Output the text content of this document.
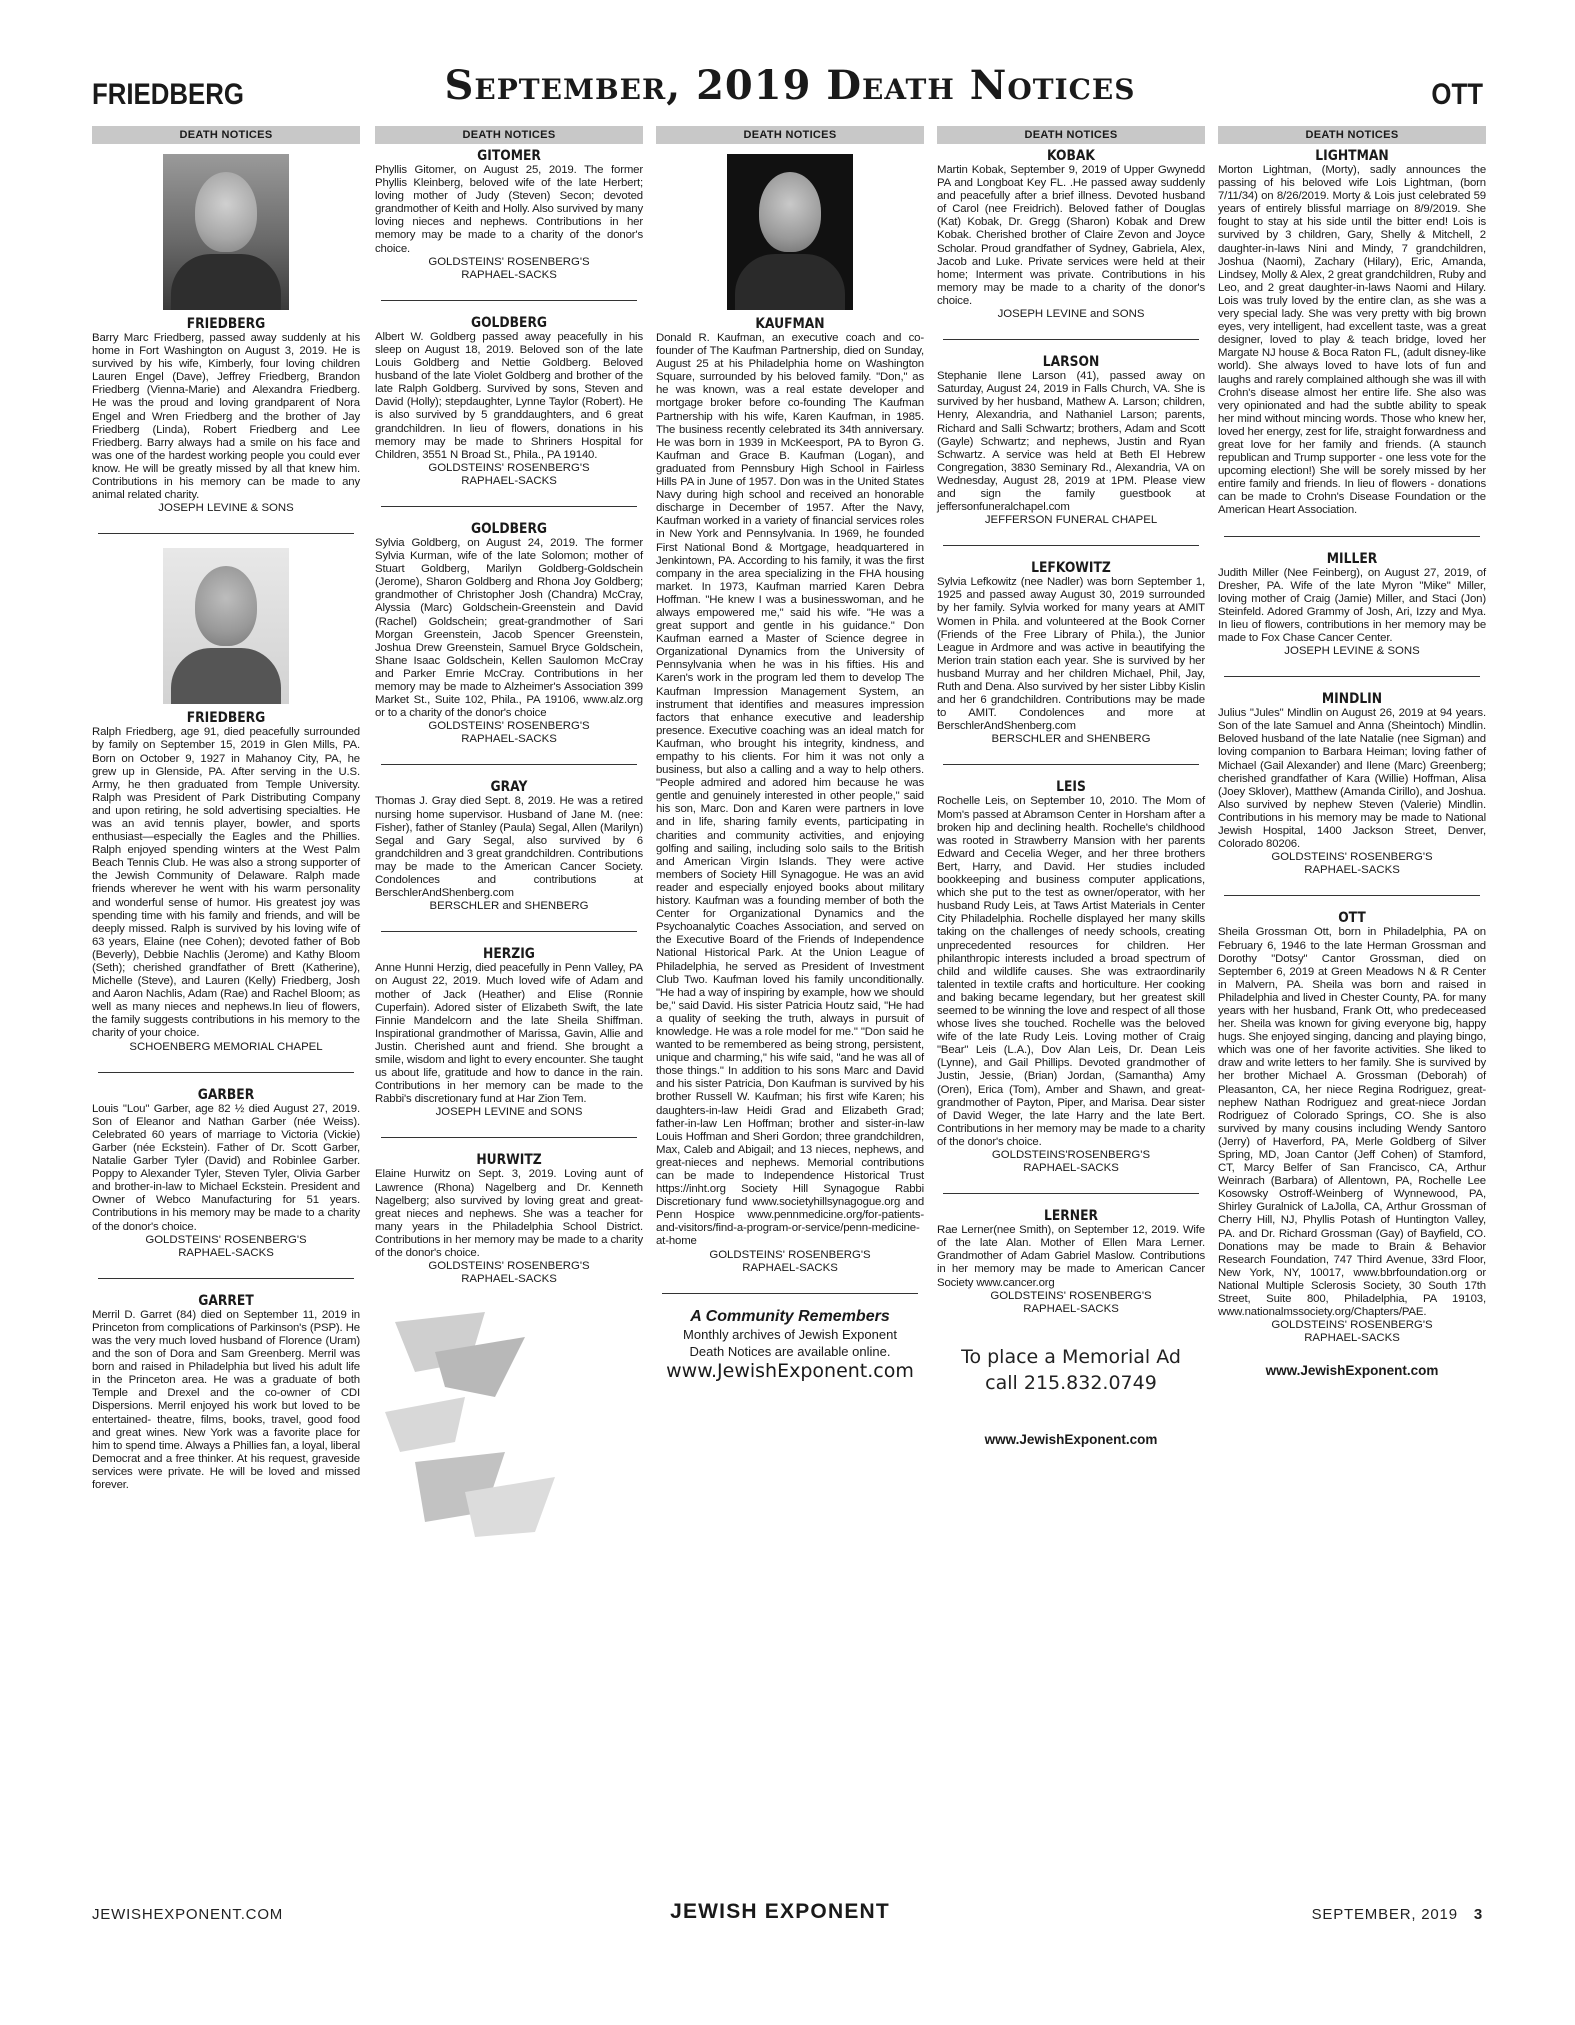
FRIEDBERG	September, 2019 Death Notices	OTT
DEATH NOTICES
FRIEDBERG
Barry Marc Friedberg, passed away suddenly at his home in Fort Washington on August 3, 2019. He is survived by his wife, Kimberly, four loving children Lauren Engel (Dave), Jeffrey Friedberg, Brandon Friedberg (Vienna-Marie) and Alexandra Friedberg. He was the proud and loving grandparent of Nora Engel and Wren Friedberg and the brother of Jay Friedberg (Linda), Robert Friedberg and Lee Friedberg. Barry always had a smile on his face and was one of the hardest working people you could ever know. He will be greatly missed by all that knew him. Contributions in his memory can be made to any animal related charity.
JOSEPH LEVINE & SONS
FRIEDBERG
Ralph Friedberg, age 91, died peacefully surrounded by family on September 15, 2019 in Glen Mills, PA. Born on October 9, 1927 in Mahanoy City, PA, he grew up in Glenside, PA. After serving in the U.S. Army, he then graduated from Temple University. Ralph was President of Park Distributing Company and upon retiring, he sold advertising specialties. He was an avid tennis player, bowler, and sports enthusiast—especially the Eagles and the Phillies. Ralph enjoyed spending winters at the West Palm Beach Tennis Club. He was also a strong supporter of the Jewish Community of Delaware. Ralph made friends wherever he went with his warm personality and wonderful sense of humor. His greatest joy was spending time with his family and friends, and will be deeply missed. Ralph is survived by his loving wife of 63 years, Elaine (nee Cohen); devoted father of Bob (Beverly), Debbie Nachlis (Jerome) and Kathy Bloom (Seth); cherished grandfather of Brett (Katherine), Michelle (Steve), and Lauren (Kelly) Friedberg, Josh and Aaron Nachlis, Adam (Rae) and Rachel Bloom; as well as many nieces and nephews.In lieu of flowers, the family suggests contributions in his memory to the charity of your choice.
SCHOENBERG MEMORIAL CHAPEL
GARBER
Louis "Lou" Garber, age 82 ½ died August 27, 2019. Son of Eleanor and Nathan Garber (née Weiss). Celebrated 60 years of marriage to Victoria (Vickie) Garber (née Eckstein). Father of Dr. Scott Garber, Natalie Garber Tyler (David) and Robinlee Garber. Poppy to Alexander Tyler, Steven Tyler, Olivia Garber and brother-in-law to Michael Eckstein. President and Owner of Webco Manufacturing for 51 years. Contributions in his memory may be made to a charity of the donor's choice.
GOLDSTEINS' ROSENBERG'S
RAPHAEL-SACKS
GARRET
Merril D. Garret (84) died on September 11, 2019 in Princeton from complications of Parkinson's (PSP). He was the very much loved husband of Florence (Uram) and the son of Dora and Sam Greenberg. Merril was born and raised in Philadelphia but lived his adult life in the Princeton area. He was a graduate of both Temple and Drexel and the co-owner of CDI Dispersions. Merril enjoyed his work but loved to be entertained- theatre, films, books, travel, good food and great wines. New York was a favorite place for him to spend time. Always a Phillies fan, a loyal, liberal Democrat and a free thinker. At his request, graveside services were private. He will be loved and missed forever.
DEATH NOTICES
GITOMER
Phyllis Gitomer, on August 25, 2019. The former Phyllis Kleinberg, beloved wife of the late Herbert; loving mother of Judy (Steven) Secon; devoted grandmother of Keith and Holly. Also survived by many loving nieces and nephews. Contributions in her memory may be made to a charity of the donor's choice.
GOLDSTEINS' ROSENBERG'S
RAPHAEL-SACKS
GOLDBERG
Albert W. Goldberg passed away peacefully in his sleep on August 18, 2019. Beloved son of the late Louis Goldberg and Nettie Goldberg. Beloved husband of the late Violet Goldberg and brother of the late Ralph Goldberg. Survived by sons, Steven and David (Holly); stepdaughter, Lynne Taylor (Robert). He is also survived by 5 granddaughters, and 6 great grandchildren. In lieu of flowers, donations in his memory may be made to Shriners Hospital for Children, 3551 N Broad St., Phila., PA 19140.
GOLDSTEINS' ROSENBERG'S
RAPHAEL-SACKS
GOLDBERG
Sylvia Goldberg, on August 24, 2019. The former Sylvia Kurman, wife of the late Solomon; mother of Stuart Goldberg, Marilyn Goldberg-Goldschein (Jerome), Sharon Goldberg and Rhona Joy Goldberg; grandmother of Christopher Josh (Chandra) McCray, Alyssia (Marc) Goldschein-Greenstein and David (Rachel) Goldschein; great-grandmother of Sari Morgan Greenstein, Jacob Spencer Greenstein, Joshua Drew Greenstein, Samuel Bryce Goldschein, Shane Isaac Goldschein, Kellen Saulomon McCray and Parker Emrie McCray. Contributions in her memory may be made to Alzheimer's Association 399 Market St., Suite 102, Phila., PA 19106, www.alz.org or to a charity of the donor's choice
GOLDSTEINS' ROSENBERG'S
RAPHAEL-SACKS
GRAY
Thomas J. Gray died Sept. 8, 2019. He was a retired nursing home supervisor. Husband of Jane M. (nee: Fisher), father of Stanley (Paula) Segal, Allen (Marilyn) Segal and Gary Segal, also survived by 6 grandchildren and 3 great grandchildren. Contributions may be made to the American Cancer Society. Condolences and contributions at BerschlerAndShenberg.com
BERSCHLER and SHENBERG
HERZIG
Anne Hunni Herzig, died peacefully in Penn Valley, PA on August 22, 2019. Much loved wife of Adam and mother of Jack (Heather) and Elise (Ronnie Cuperfain). Adored sister of Elizabeth Swift, the late Finnie Mandelcorn and the late Sheila Shiffman. Inspirational grandmother of Marissa, Gavin, Allie and Justin. Cherished aunt and friend. She brought a smile, wisdom and light to every encounter. She taught us about life, gratitude and how to dance in the rain. Contributions in her memory can be made to the Rabbi's discretionary fund at Har Zion Tem.
JOSEPH LEVINE and SONS
HURWITZ
Elaine Hurwitz on Sept. 3, 2019. Loving aunt of Lawrence (Rhona) Nagelberg and Dr. Kenneth Nagelberg; also survived by loving great and great-great nieces and nephews. She was a teacher for many years in the Philadelphia School District. Contributions in her memory may be made to a charity of the donor's choice.
GOLDSTEINS' ROSENBERG'S
RAPHAEL-SACKS
DEATH NOTICES
KAUFMAN
Donald R. Kaufman, an executive coach and co-founder of The Kaufman Partnership, died on Sunday, August 25 at his Philadelphia home on Washington Square, surrounded by his beloved family. "Don," as he was known, was a real estate developer and mortgage broker before co-founding The Kaufman Partnership with his wife, Karen Kaufman, in 1985. The business recently celebrated its 34th anniversary. He was born in 1939 in McKeesport, PA to Byron G. Kaufman and Grace B. Kaufman (Logan), and graduated from Pennsbury High School in Fairless Hills PA in June of 1957. Don was in the United States Navy during high school and received an honorable discharge in December of 1957. After the Navy, Kaufman worked in a variety of financial services roles in New York and Pennsylvania. In 1969, he founded First National Bond & Mortgage, headquartered in Jenkintown, PA. According to his family, it was the first company in the area specializing in the FHA housing market. In 1973, Kaufman married Karen Debra Hoffman. "He knew I was a businesswoman, and he always empowered me," said his wife. "He was a great support and gentle in his guidance." Don Kaufman earned a Master of Science degree in Organizational Dynamics from the University of Pennsylvania when he was in his fifties. His and Karen's work in the program led them to develop The Kaufman Impression Management System, an instrument that identifies and measures impression factors that enhance executive and leadership presence. Executive coaching was an ideal match for Kaufman, who brought his integrity, kindness, and empathy to his clients. For him it was not only a business, but also a calling and a way to help others. "People admired and adored him because he was gentle and genuinely interested in other people," said his son, Marc. Don and Karen were partners in love and in life, sharing family events, participating in charities and community activities, and enjoying golfing and sailing, including solo sails to the British and American Virgin Islands. They were active members of Society Hill Synagogue. He was an avid reader and especially enjoyed books about military history. Kaufman was a founding member of both the Center for Organizational Dynamics and the Psychoanalytic Coaches Association, and served on the Executive Board of the Friends of Independence National Historical Park. At the Union League of Philadelphia, he served as President of Investment Club Two. Kaufman loved his family unconditionally. "He had a way of inspiring by example, how we should be," said David. His sister Patricia Houtz said, "He had a quality of seeking the truth, always in pursuit of knowledge. He was a role model for me." "Don said he wanted to be remembered as being strong, persistent, unique and charming," his wife said, "and he was all of those things." In addition to his sons Marc and David and his sister Patricia, Don Kaufman is survived by his brother Russell W. Kaufman; his first wife Karen; his daughters-in-law Heidi Grad and Elizabeth Grad; father-in-law Len Hoffman; brother and sister-in-law Louis Hoffman and Sheri Gordon; three grandchildren, Max, Caleb and Abigail; and 13 nieces, nephews, and great-nieces and nephews. Memorial contributions can be made to Independence Historical Trust https://inht.org Society Hill Synagogue Rabbi Discretionary fund www.societyhillsynagogue.org and Penn Hospice www.pennmedicine.org/for-patients-and-visitors/find-a-program-or-service/penn-medicine-at-home
GOLDSTEINS' ROSENBERG'S
RAPHAEL-SACKS
A Community Remembers
Monthly archives of Jewish Exponent
Death Notices are available online.
www.JewishExponent.com
DEATH NOTICES
KOBAK
Martin Kobak, September 9, 2019 of Upper Gwynedd PA and Longboat Key FL. .He passed away suddenly and peacefully after a brief illness. Devoted husband of Carol (nee Freidrich). Beloved father of Douglas (Kat) Kobak, Dr. Gregg (Sharon) Kobak and Drew Kobak. Cherished brother of Claire Zevon and Joyce Scholar. Proud grandfather of Sydney, Gabriela, Alex, Jacob and Luke. Private services were held at their home; Interment was private. Contributions in his memory may be made to a charity of the donor's choice.
JOSEPH LEVINE and SONS
LARSON
Stephanie Ilene Larson (41), passed away on Saturday, August 24, 2019 in Falls Church, VA. She is survived by her husband, Mathew A. Larson; children, Henry, Alexandria, and Nathaniel Larson; parents, Richard and Salli Schwartz; brothers, Adam and Scott (Gayle) Schwartz; and nephews, Justin and Ryan Schwartz. A service was held at Beth El Hebrew Congregation, 3830 Seminary Rd., Alexandria, VA on Wednesday, August 28, 2019 at 1PM. Please view and sign the family guestbook at jeffersonfuneralchapel.com
JEFFERSON FUNERAL CHAPEL
LEFKOWITZ
Sylvia Lefkowitz (nee Nadler) was born September 1, 1925 and passed away August 30, 2019 surrounded by her family. Sylvia worked for many years at AMIT Women in Phila. and volunteered at the Book Corner (Friends of the Free Library of Phila.), the Junior League in Ardmore and was active in beautifying the Merion train station each year. She is survived by her husband Murray and her children Michael, Phil, Jay, Ruth and Dena. Also survived by her sister Libby Kislin and her 6 grandchildren. Contributions may be made to AMIT. Condolences and more at BerschlerAndShenberg.com
BERSCHLER and SHENBERG
LEIS
Rochelle Leis, on September 10, 2010. The Mom of Mom's passed at Abramson Center in Horsham after a broken hip and declining health. Rochelle's childhood was rooted in Strawberry Mansion with her parents Edward and Cecelia Weger, and her three brothers Bert, Harry, and David. Her studies included bookkeeping and business computer applications, which she put to the test as owner/operator, with her husband Rudy Leis, at Taws Artist Materials in Center City Philadelphia. Rochelle displayed her many skills taking on the challenges of needy schools, creating unprecedented resources for children. Her philanthropic interests included a broad spectrum of child and wildlife causes. She was extraordinarily talented in textile crafts and horticulture. Her cooking and baking became legendary, but her greatest skill seemed to be winning the love and respect of all those whose lives she touched. Rochelle was the beloved wife of the late Rudy Leis. Loving mother of Craig "Bear" Leis (L.A.), Dov Alan Leis, Dr. Dean Leis (Lynne), and Gail Phillips. Devoted grandmother of Justin, Jessie, (Brian) Jordan, (Samantha) Amy (Oren), Erica (Tom), Amber and Shawn, and great-grandmother of Payton, Piper, and Marisa. Dear sister of David Weger, the late Harry and the late Bert. Contributions in her memory may be made to a charity of the donor's choice.
GOLDSTEINS'ROSENBERG'S
RAPHAEL-SACKS
LERNER
Rae Lerner(nee Smith), on September 12, 2019. Wife of the late Alan. Mother of Ellen Mara Lerner. Grandmother of Adam Gabriel Maslow. Contributions in her memory may be made to American Cancer Society www.cancer.org
GOLDSTEINS' ROSENBERG'S
RAPHAEL-SACKS
To place a Memorial Ad
call 215.832.0749
www.JewishExponent.com
DEATH NOTICES
LIGHTMAN
Morton Lightman, (Morty), sadly announces the passing of his beloved wife Lois Lightman, (born 7/11/34) on 8/26/2019. Morty & Lois just celebrated 59 years of entirely blissful marriage on 8/9/2019. She fought to stay at his side until the bitter end! Lois is survived by 3 children, Gary, Shelly & Mitchell, 2 daughter-in-laws Nini and Mindy, 7 grandchildren, Joshua (Naomi), Zachary (Hilary), Eric, Amanda, Lindsey, Molly & Alex, 2 great grandchildren, Ruby and Leo, and 2 great daughter-in-laws Naomi and Hilary. Lois was truly loved by the entire clan, as she was a very special lady. She was very pretty with big brown eyes, very intelligent, had excellent taste, was a great designer, loved to play & teach bridge, loved her Margate NJ house & Boca Raton FL, (adult disney-like world). She always loved to have lots of fun and laughs and rarely complained although she was ill with Crohn's disease almost her entire life. She also was very opinionated and had the subtle ability to speak her mind without mincing words. Those who knew her, loved her energy, zest for life, straight forwardness and great love for her family and friends. (A staunch republican and Trump supporter - one less vote for the upcoming election!) She will be sorely missed by her entire family and friends. In lieu of flowers - donations can be made to Crohn's Disease Foundation or the American Heart Association.
MILLER
Judith Miller (Nee Feinberg), on August 27, 2019, of Dresher, PA. Wife of the late Myron "Mike" Miller, loving mother of Craig (Jamie) Miller, and Staci (Jon) Steinfeld. Adored Grammy of Josh, Ari, Izzy and Mya. In lieu of flowers, contributions in her memory may be made to Fox Chase Cancer Center.
JOSEPH LEVINE & SONS
MINDLIN
Julius "Jules" Mindlin on August 26, 2019 at 94 years. Son of the late Samuel and Anna (Sheintoch) Mindlin. Beloved husband of the late Natalie (nee Sigman) and loving companion to Barbara Heiman; loving father of Michael (Gail Alexander) and Ilene (Marc) Greenberg; cherished grandfather of Kara (Willie) Hoffman, Alisa (Joey Sklover), Matthew (Amanda Cirillo), and Joshua. Also survived by nephew Steven (Valerie) Mindlin. Contributions in his memory may be made to National Jewish Hospital, 1400 Jackson Street, Denver, Colorado 80206.
GOLDSTEINS' ROSENBERG'S
RAPHAEL-SACKS
OTT
Sheila Grossman Ott, born in Philadelphia, PA on February 6, 1946 to the late Herman Grossman and Dorothy "Dotsy" Cantor Grossman, died on September 6, 2019 at Green Meadows N & R Center in Malvern, PA. Sheila was born and raised in Philadelphia and lived in Chester County, PA. for many years with her husband, Frank Ott, who predeceased her. Sheila was known for giving everyone big, happy hugs. She enjoyed singing, dancing and playing bingo, which was one of her favorite activities. She liked to draw and write letters to her family. She is survived by her brother Michael A. Grossman (Deborah) of Pleasanton, CA, her niece Regina Rodriguez, great-nephew Nathan Rodriguez and great-niece Jordan Rodriguez of Colorado Springs, CO. She is also survived by many cousins including Wendy Santoro (Jerry) of Haverford, PA, Merle Goldberg of Silver Spring, MD, Joan Cantor (Jeff Cohen) of Stamford, CT, Marcy Belfer of San Francisco, CA, Arthur Weinrach (Barbara) of Allentown, PA, Rochelle Lee Kosowsky Ostroff-Weinberg of Wynnewood, PA, Shirley Guralnick of LaJolla, CA, Arthur Grossman of Cherry Hill, NJ, Phyllis Potash of Huntington Valley, PA. and Dr. Richard Grossman (Gay) of Bayfield, CO. Donations may be made to Brain & Behavior Research Foundation, 747 Third Avenue, 33rd Floor, New York, NY, 10017, www.bbrfoundation.org or National Multiple Sclerosis Society, 30 South 17th Street, Suite 800, Philadelphia, PA 19103, www.nationalmssociety.org/Chapters/PAE.
GOLDSTEINS' ROSENBERG'S
RAPHAEL-SACKS
www.JewishExponent.com
JEWISHEXPONENT.COM	JEWISH EXPONENT	SEPTEMBER, 2019 3
